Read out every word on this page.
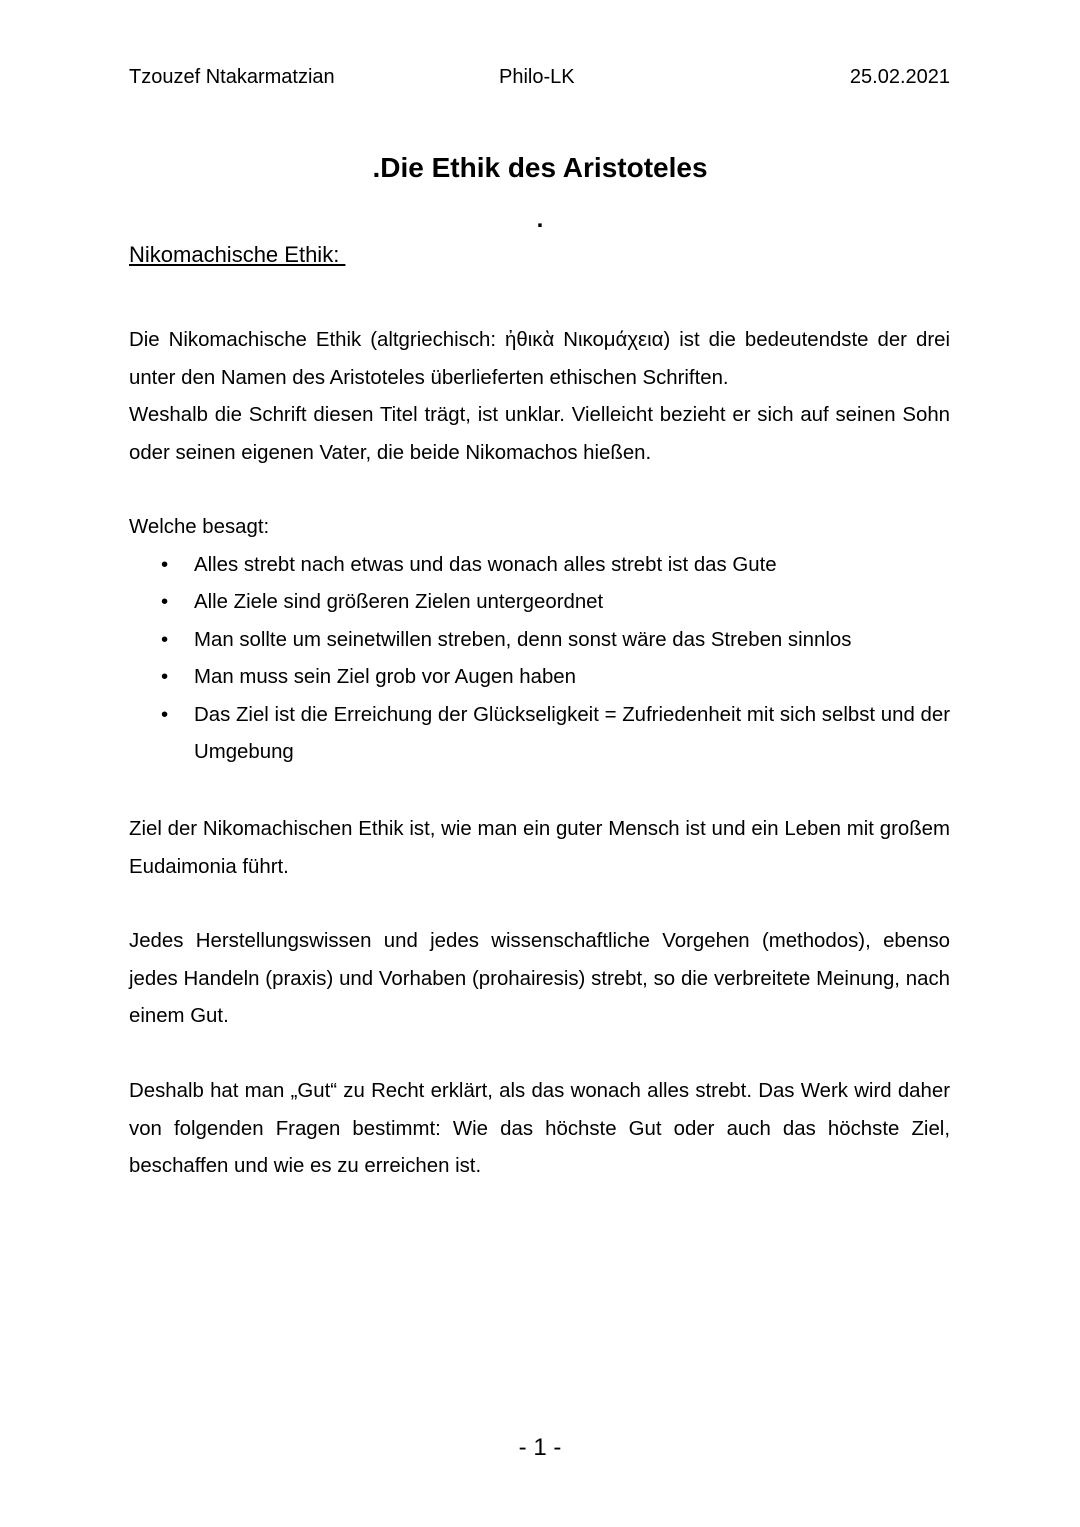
Tzouzef Ntakarmatzian	Philo-LK	25.02.2021
.Die Ethik des Aristoteles
.
Nikomachische Ethik:

Die Nikomachische Ethik (altgriechisch: ἠθικὰ Νικομάχεια) ist die bedeutendste der drei unter den Namen des Aristoteles überlieferten ethischen Schriften.

Weshalb die Schrift diesen Titel trägt, ist unklar. Vielleicht bezieht er sich auf seinen Sohn oder seinen eigenen Vater, die beide Nikomachos hießen.

Welche besagt:

• Alles strebt nach etwas und das wonach alles strebt ist das Gute
• Alle Ziele sind größeren Zielen untergeordnet
• Man sollte um seinetwillen streben, denn sonst wäre das Streben sinnlos
• Man muss sein Ziel grob vor Augen haben
• Das Ziel ist die Erreichung der Glückseligkeit = Zufriedenheit mit sich selbst und der Umgebung

Ziel der Nikomachischen Ethik ist, wie man ein guter Mensch ist und ein Leben mit großem Eudaimonia führt.

Jedes Herstellungswissen und jedes wissenschaftliche Vorgehen (methodos), ebenso jedes Handeln (praxis) und Vorhaben (prohairesis) strebt, so die verbreitete Meinung, nach einem Gut.

Deshalb hat man „Gut“ zu Recht erklärt, als das wonach alles strebt. Das Werk wird daher von folgenden Fragen bestimmt: Wie das höchste Gut oder auch das höchste Ziel, beschaffen und wie es zu erreichen ist.

- 1 -
